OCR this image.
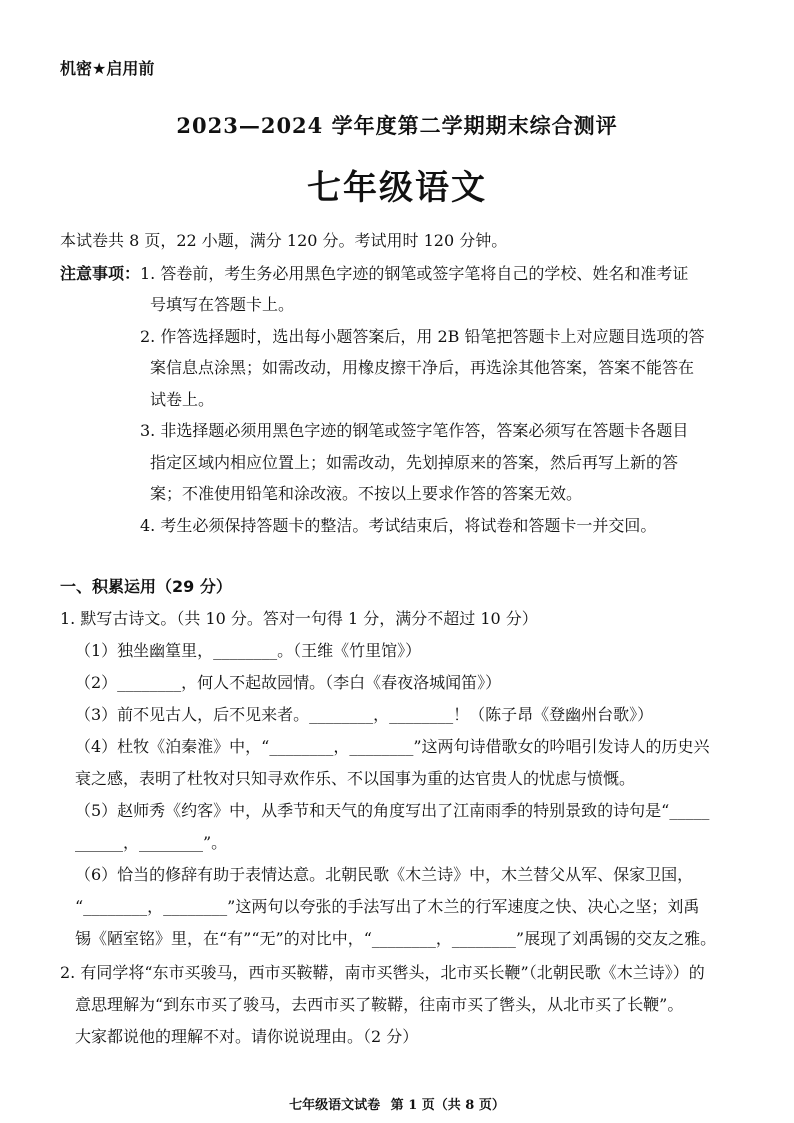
机密★启用前
2023—2024 学年度第二学期期末综合测评
七年级语文
本试卷共 8 页，22 小题，满分 120 分。考试用时 120 分钟。
注意事项： 1. 答卷前，考生务必用黑色字迹的钢笔或签字笔将自己的学校、姓名和准考证
号填写在答题卡上。
2. 作答选择题时，选出每小题答案后，用 2B 铅笔把答题卡上对应题目选项的答
案信息点涂黑；如需改动，用橡皮擦干净后，再选涂其他答案，答案不能答在
试卷上。
3. 非选择题必须用黑色字迹的钢笔或签字笔作答，答案必须写在答题卡各题目
指定区域内相应位置上；如需改动，先划掉原来的答案，然后再写上新的答
案；不准使用铅笔和涂改液。不按以上要求作答的答案无效。
4. 考生必须保持答题卡的整洁。考试结束后，将试卷和答题卡一并交回。
一、积累运用（29 分）
1. 默写古诗文。（共 10 分。答对一句得 1 分，满分不超过 10 分）
（1）独坐幽篁里，________。（王维《竹里馆》）
（2）________，何人不起故园情。（李白《春夜洛城闻笛》）
（3）前不见古人，后不见来者。________，________！（陈子昂《登幽州台歌》）
（4）杜牧《泊秦淮》中，“________，________”这两句诗借歌女的吟唱引发诗人的历史兴
衰之感，表明了杜牧对只知寻欢作乐、不以国事为重的达官贵人的忧虑与愤慨。
（5）赵师秀《约客》中，从季节和天气的角度写出了江南雨季的特别景致的诗句是“_____
______，________”。
（6）恰当的修辞有助于表情达意。北朝民歌《木兰诗》中，木兰替父从军、保家卫国，
“________，________”这两句以夸张的手法写出了木兰的行军速度之快、决心之坚；刘禹
锡《陋室铭》里，在“有”“无”的对比中，“________，________”展现了刘禹锡的交友之雅。
2. 有同学将“东市买骏马，西市买鞍鞯，南市买辔头，北市买长鞭”（北朝民歌《木兰诗》）的
意思理解为“到东市买了骏马，去西市买了鞍鞯，往南市买了辔头，从北市买了长鞭”。
大家都说他的理解不对。请你说说理由。（2 分）
七年级语文试卷 第 1 页（共 8 页）
